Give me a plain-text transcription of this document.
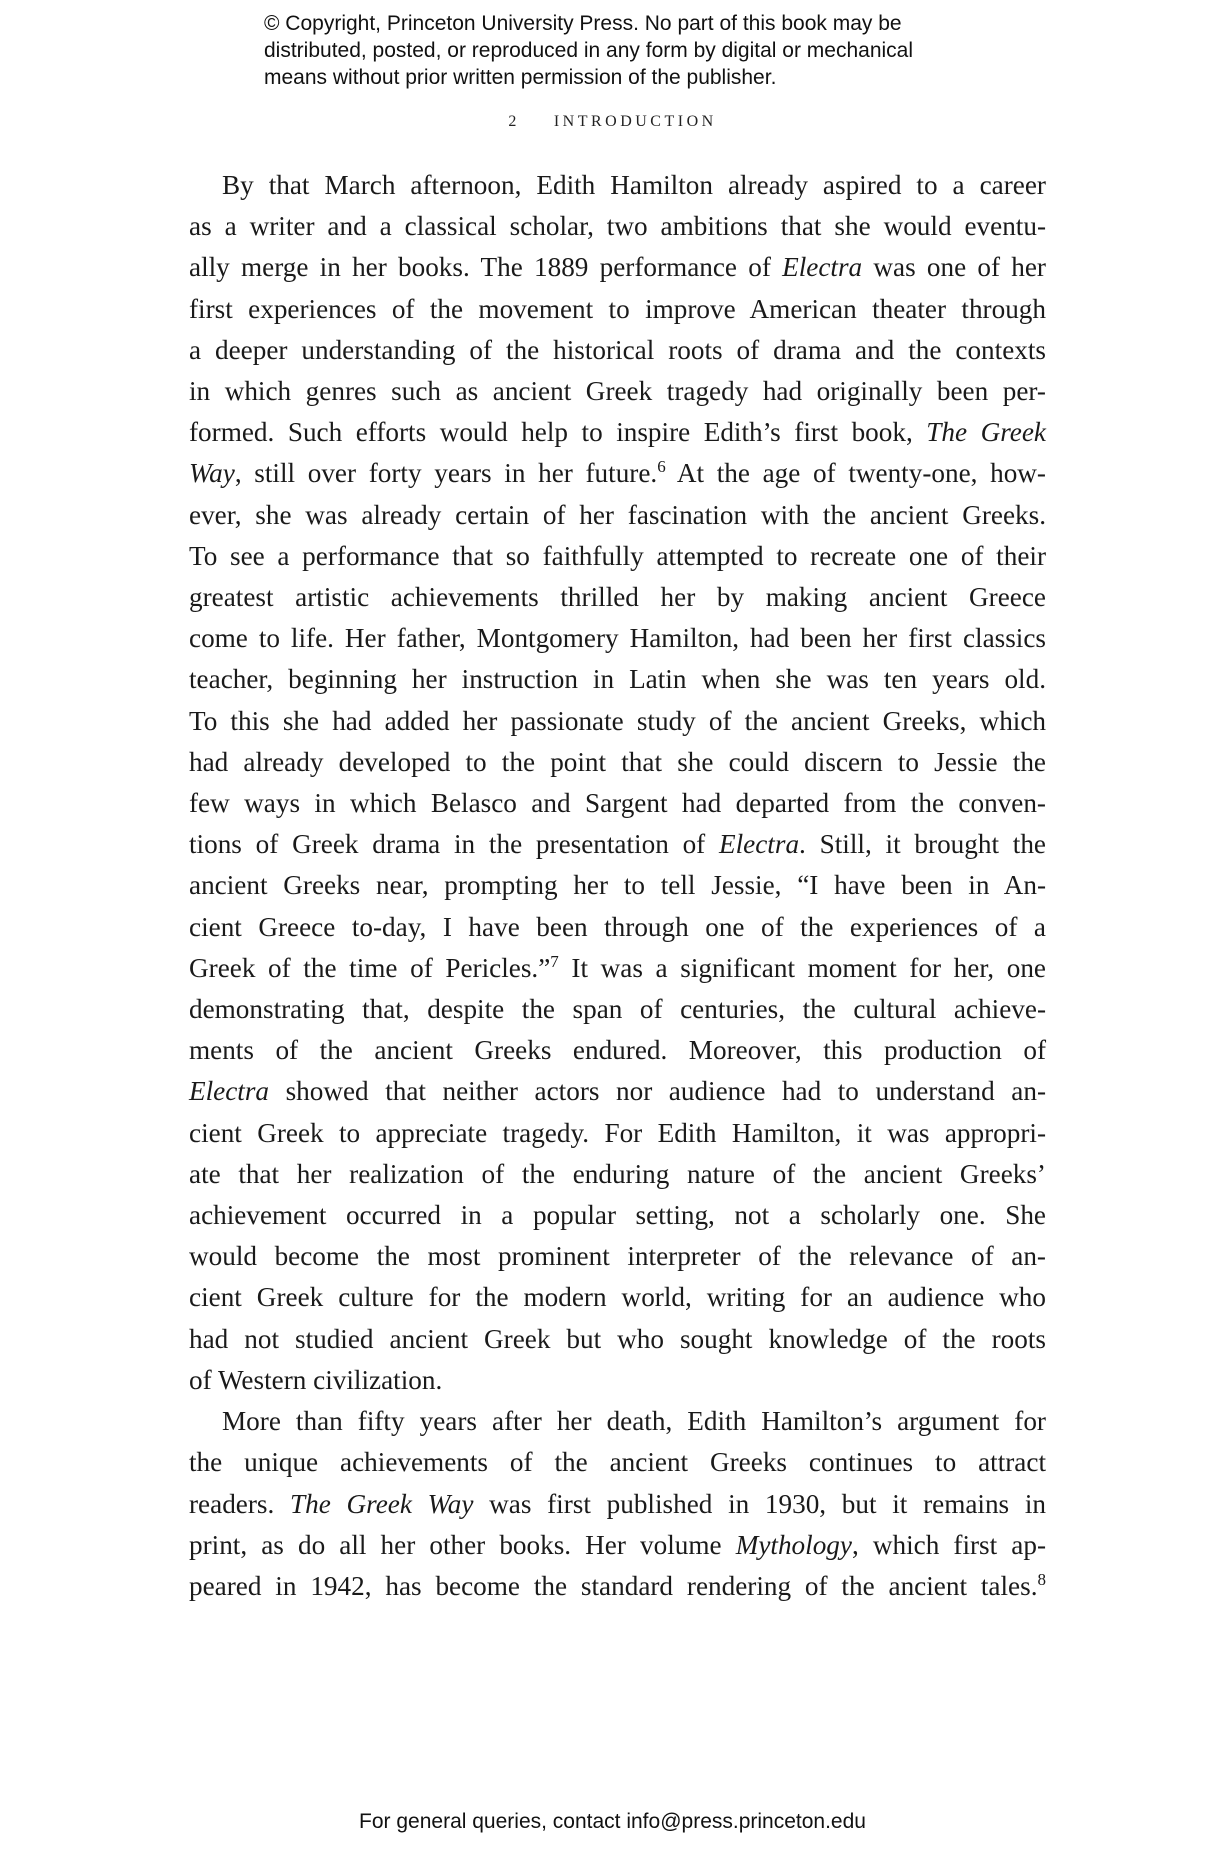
© Copyright, Princeton University Press. No part of this book may be
distributed, posted, or reproduced in any form by digital or mechanical
means without prior written permission of the publisher.
2 INTRODUCTION
By that March afternoon, Edith Hamilton already aspired to a career
as a writer and a classical scholar, two ambitions that she would eventu-
ally merge in her books. The 1889 performance of Electra was one of her
first experiences of the movement to improve American theater through
a deeper understanding of the historical roots of drama and the contexts
in which genres such as ancient Greek tragedy had originally been per-
formed. Such efforts would help to inspire Edith’s first book, The Greek
Way, still over forty years in her future.$^6$ At the age of twenty-one, how-
ever, she was already certain of her fascination with the ancient Greeks.
To see a performance that so faithfully attempted to recreate one of their
greatest artistic achievements thrilled her by making ancient Greece
come to life. Her father, Montgomery Hamilton, had been her first classics
teacher, beginning her instruction in Latin when she was ten years old.
To this she had added her passionate study of the ancient Greeks, which
had already developed to the point that she could discern to Jessie the
few ways in which Belasco and Sargent had departed from the conven-
tions of Greek drama in the presentation of Electra. Still, it brought the
ancient Greeks near, prompting her to tell Jessie, “I have been in An-
cient Greece to-day, I have been through one of the experiences of a
Greek of the time of Pericles.”$^7$ It was a significant moment for her, one
demonstrating that, despite the span of centuries, the cultural achieve-
ments of the ancient Greeks endured. Moreover, this production of
Electra showed that neither actors nor audience had to understand an-
cient Greek to appreciate tragedy. For Edith Hamilton, it was appropri-
ate that her realization of the enduring nature of the ancient Greeks’
achievement occurred in a popular setting, not a scholarly one. She
would become the most prominent interpreter of the relevance of an-
cient Greek culture for the modern world, writing for an audience who
had not studied ancient Greek but who sought knowledge of the roots
of Western civilization.
More than fifty years after her death, Edith Hamilton’s argument for
the unique achievements of the ancient Greeks continues to attract
readers. The Greek Way was first published in 1930, but it remains in
print, as do all her other books. Her volume Mythology, which first ap-
peared in 1942, has become the standard rendering of the ancient tales.$^8$
For general queries, contact info@press.princeton.edu
